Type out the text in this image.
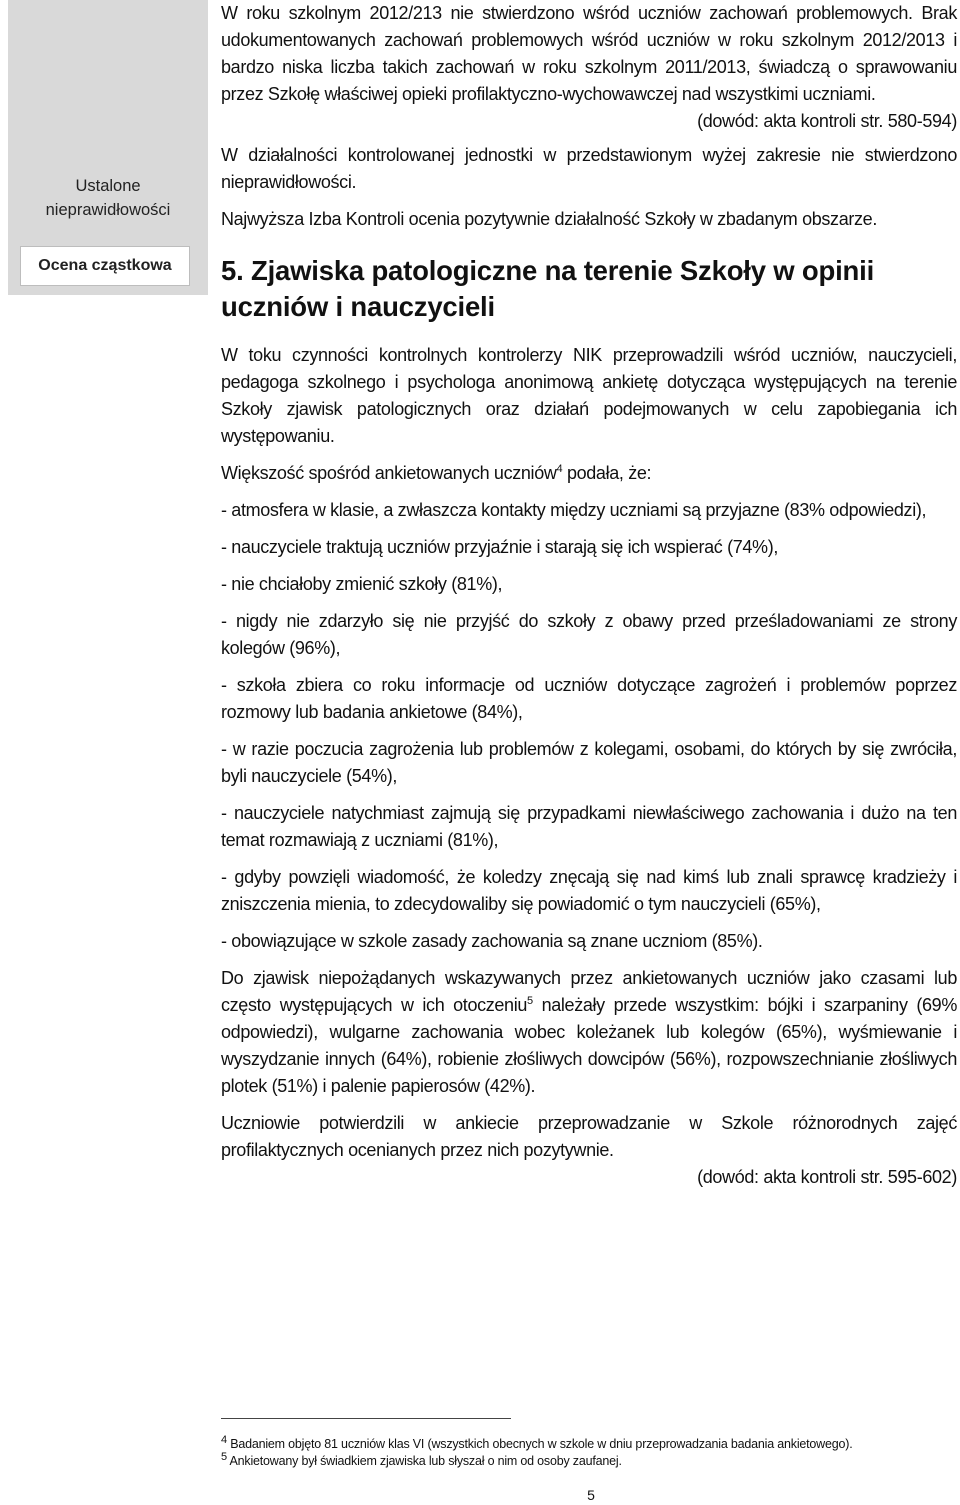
Ustalone
nieprawidłowości
Ocena cząstkowa

W roku szkolnym 2012/213 nie stwierdzono wśród uczniów zachowań problemowych. Brak udokumentowanych zachowań problemowych wśród uczniów w roku szkolnym 2012/2013 i bardzo niska liczba takich zachowań w roku szkolnym 2011/2013, świadczą o sprawowaniu przez Szkołę właściwej opieki profilaktyczno-wychowawczej nad wszystkimi uczniami.

(dowód: akta kontroli str. 580-594)

W działalności kontrolowanej jednostki w przedstawionym wyżej zakresie nie stwierdzono nieprawidłowości.

Najwyższa Izba Kontroli ocenia pozytywnie działalność Szkoły w zbadanym obszarze.

5. Zjawiska patologiczne na terenie Szkoły w opinii uczniów i nauczycieli

W toku czynności kontrolnych kontrolerzy NIK przeprowadzili wśród uczniów, nauczycieli, pedagoga szkolnego i psychologa anonimową ankietę dotycząca występujących na terenie Szkoły zjawisk patologicznych oraz działań podejmowanych w celu zapobiegania ich występowaniu.

Większość spośród ankietowanych uczniów$^4$ podała, że:

- atmosfera w klasie, a zwłaszcza kontakty między uczniami są przyjazne (83% odpowiedzi),

- nauczyciele traktują uczniów przyjaźnie i starają się ich wspierać (74%),

- nie chciałoby zmienić szkoły (81%),

- nigdy nie zdarzyło się nie przyjść do szkoły z obawy przed prześladowaniami ze strony kolegów (96%),

- szkoła zbiera co roku informacje od uczniów dotyczące zagrożeń i problemów poprzez rozmowy lub badania ankietowe (84%),

- w razie poczucia zagrożenia lub problemów z kolegami, osobami, do których by się zwróciła, byli nauczyciele (54%),

- nauczyciele natychmiast zajmują się przypadkami niewłaściwego zachowania i dużo na ten temat rozmawiają z uczniami (81%),

- gdyby powzięli wiadomość, że koledzy znęcają się nad kimś lub znali sprawcę kradzieży i zniszczenia mienia, to zdecydowaliby się powiadomić o tym nauczycieli (65%),

- obowiązujące w szkole zasady zachowania są znane uczniom (85%).

Do zjawisk niepożądanych wskazywanych przez ankietowanych uczniów jako czasami lub często występujących w ich otoczeniu$^5$ należały przede wszystkim: bójki i szarpaniny (69% odpowiedzi), wulgarne zachowania wobec koleżanek lub kolegów (65%), wyśmiewanie i wyszydzanie innych (64%), robienie złośliwych dowcipów (56%), rozpowszechnianie złośliwych plotek (51%) i palenie papierosów (42%).

Uczniowie potwierdzili w ankiecie przeprowadzanie w Szkole różnorodnych zajęć profilaktycznych ocenianych przez nich pozytywnie.

(dowód: akta kontroli str. 595-602)

$^4$ Badaniem objęto 81 uczniów klas VI (wszystkich obecnych w szkole w dniu przeprowadzania badania ankietowego).
$^5$ Ankietowany był świadkiem zjawiska lub słyszał o nim od osoby zaufanej.
5
